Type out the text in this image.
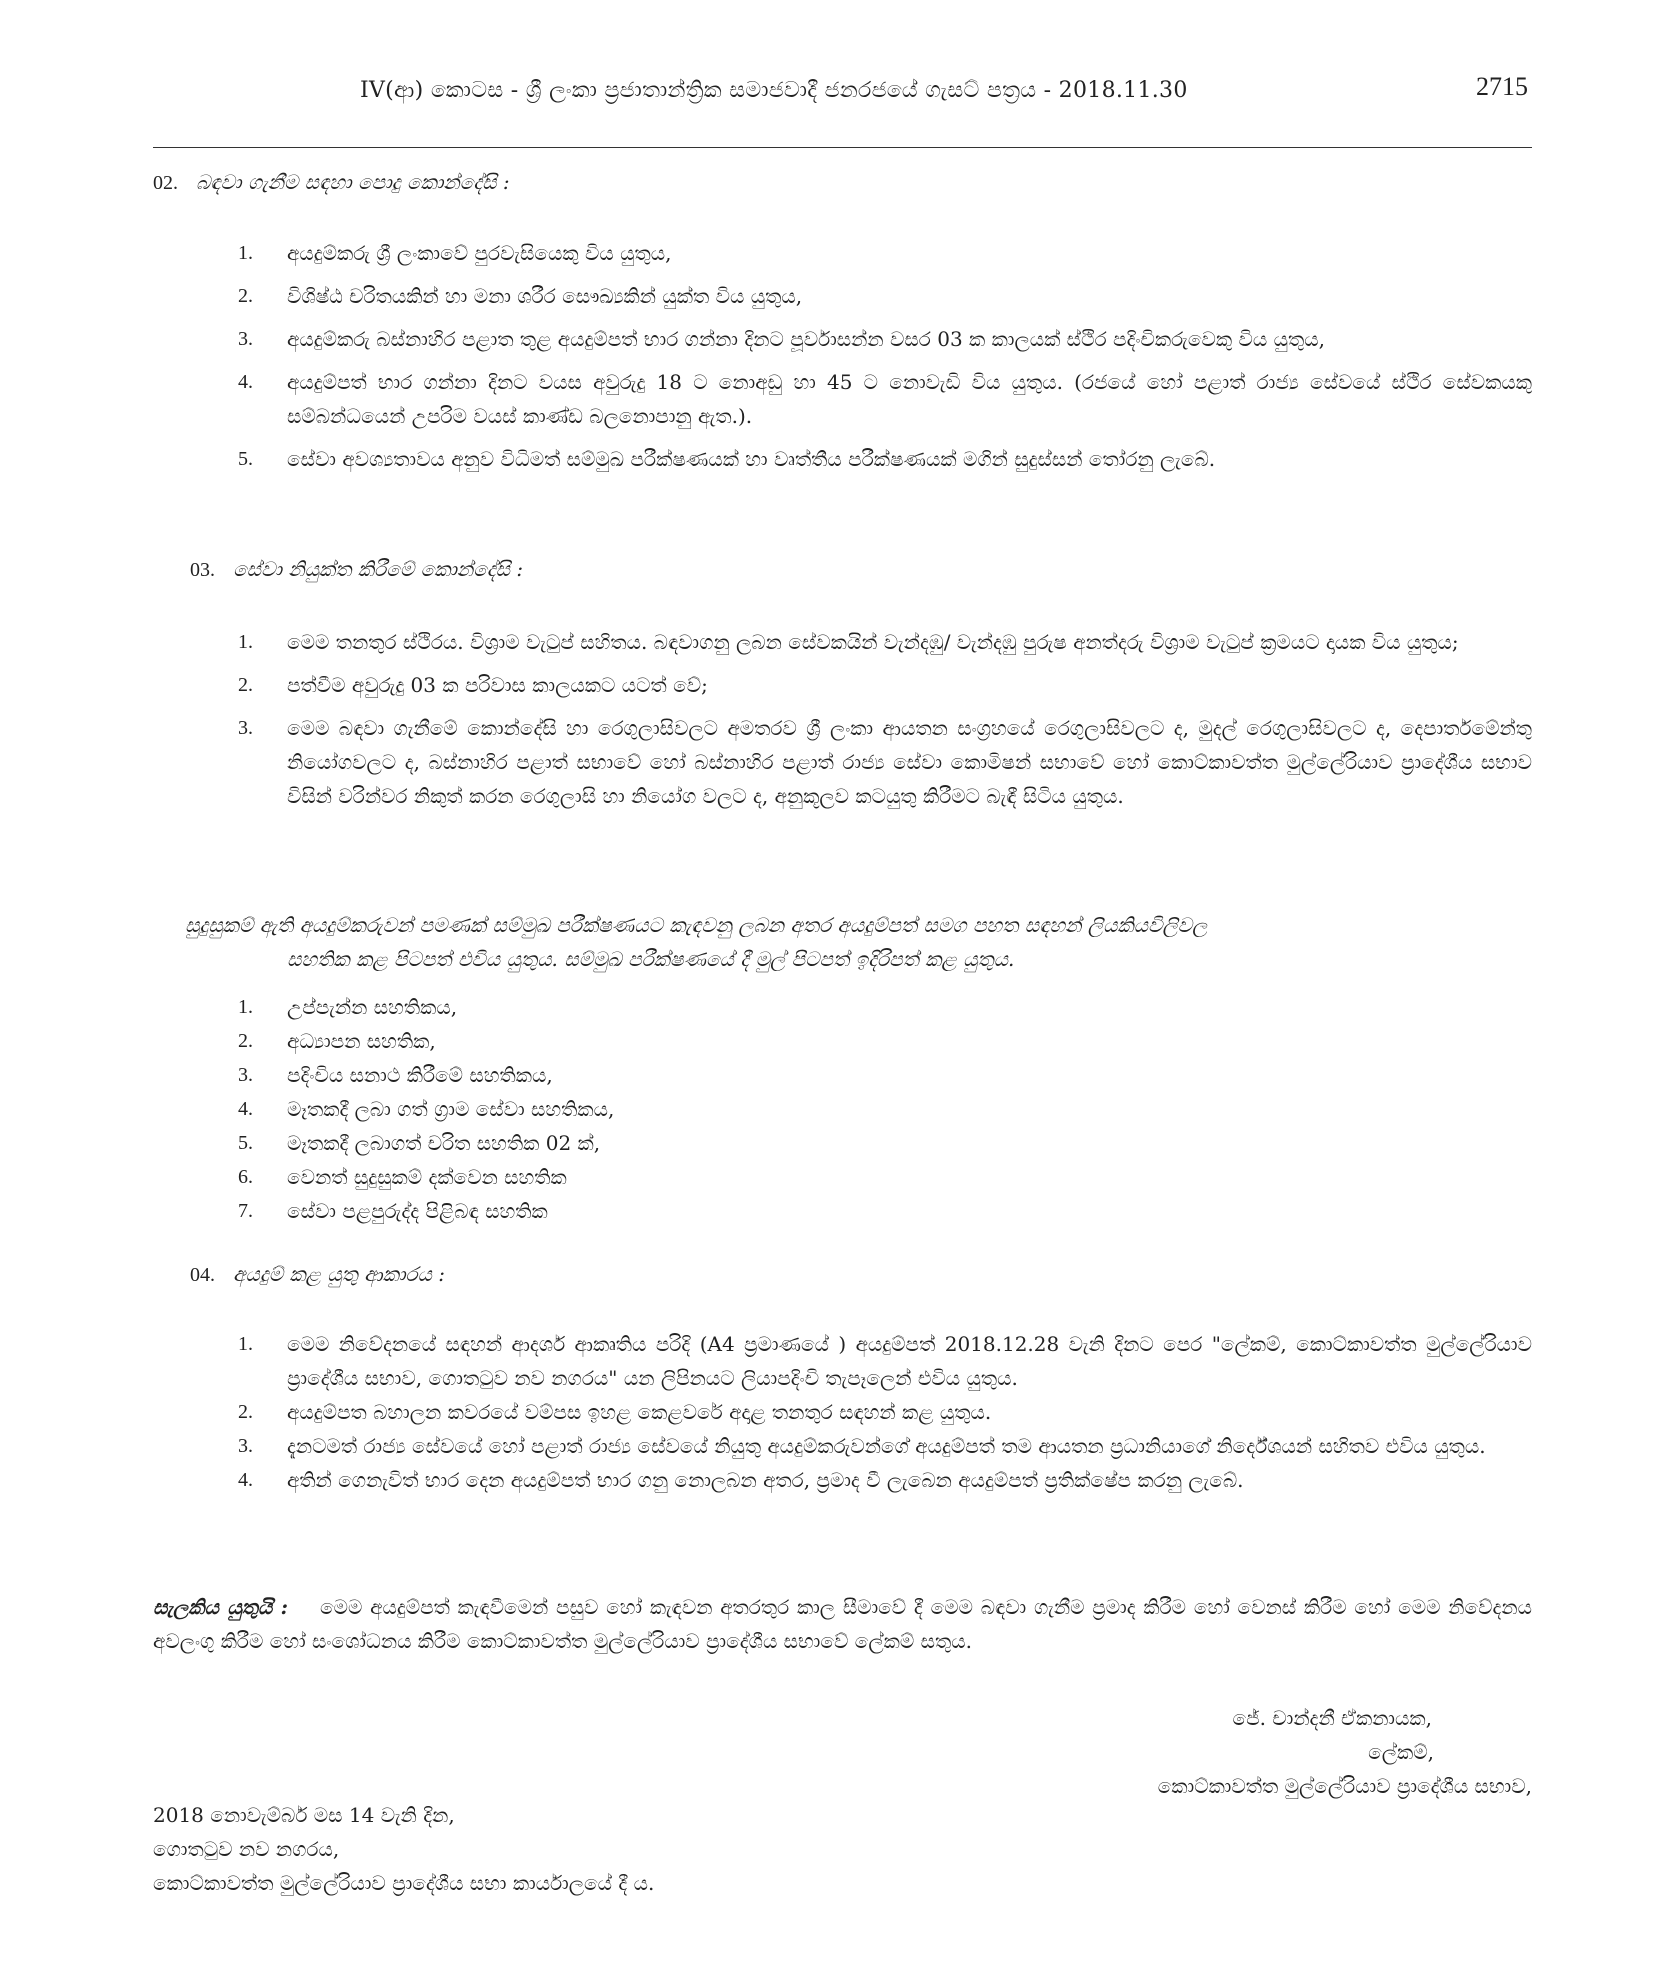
IV(ආ) කොටස - ශ්‍රී ලංකා ප්‍රජාතාන්ත්‍රික සමාජවාදී ජනරජයේ ගැසට් පත්‍රය - 2018.11.30	2715
02. බඳවා ගැනීම සඳහා පොදු කොන්දේසි :
1. අයදුම්කරු ශ්‍රී ලංකාවේ පුරවැසියෙකු විය යුතුය,
2. විශිෂ්ඨ චරිතයකින් හා මනා ශරීර සෞඛ්‍යකින් යුක්ත විය යුතුය,
3. අයදුම්කරු බස්නාහිර පළාත තුළ අයදුම්පත් භාර ගන්නා දිනට පූර්වාසන්න වසර 03 ක කාලයක් ස්ථිර පදිංචිකරුවෙකු විය යුතුය,
4. අයදුම්පත් භාර ගන්නා දිනට වයස අවුරුදු 18 ට නොඅඩු හා 45 ට නොවැඩි විය යුතුය. (රජයේ හෝ පළාත් රාජ්‍ය සේවයේ ස්ථිර සේවකයකු සම්බන්ධයෙන් උපරිම වයස් කාණ්ඩ බලනොපානු ඇත.).
5. සේවා අවශ්‍යතාවය අනුව විධිමත් සම්මුඛ පරීක්ෂණයක් හා වෘත්තීය පරීක්ෂණයක් මගින් සුදුස්සන් තෝරනු ලැබේ.
03. සේවා නියුක්ත කිරීමේ කොන්දේසි :
1. මෙම තනතුර ස්ථිරය. විශ්‍රාම වැටුප් සහිතය. බඳවාගනු ලබන සේවකයින් වැන්දඹු/ වැන්දඹු පුරුෂ අනත්දරු විශ්‍රාම වැටුප් ක්‍රමයට දායක විය යුතුය;
2. පත්වීම අවුරුදු 03 ක පරිවාස කාලයකට යටත් වේ;
3. මෙම බඳවා ගැනීමේ කොන්දේසි හා රෙගුලාසිවලට අමතරව ශ්‍රී ලංකා ආයතන සංග්‍රහයේ රෙගුලාසිවලට ද, මුදල් රෙගුලාසිවලට ද, දෙපාර්තමේන්තු නියෝගවලට ද, බස්නාහිර පළාත් සභාවේ හෝ බස්නාහිර පළාත් රාජ්‍ය සේවා කොමිෂන් සභාවේ හෝ කොට්කාවත්ත මුල්ලේරියාව ප්‍රාදේශීය සභාව විසින් වරින්වර නිකුත් කරන රෙගුලාසි හා නියෝග වලට ද, අනුකූලව කටයුතු කිරීමට බැඳී සිටිය යුතුය.
සුදුසුකම් ඇති අයදුම්කරුවන් පමණක් සම්මුඛ පරීක්ෂණයට කැඳවනු ලබන අතර අයදුම්පත් සමග පහත සඳහන් ලියකියවිලිවල
සහතික කළ පිටපත් එවිය යුතුය. සම්මුඛ පරීක්ෂණයේ දී මුල් පිටපත් ඉදිරිපත් කළ යුතුය.
1. උප්පැන්න සහතිකය,
2. අධ්‍යාපන සහතික,
3. පදිංචිය සනාථ කිරීමේ සහතිකය,
4. මෑතකදී ලබා ගත් ග්‍රාම සේවා සහතිකය,
5. මෑතකදී ලබාගත් චරිත සහතික 02 ක්,
6. වෙනත් සුදුසුකම් දක්වෙන සහතික
7. සේවා පළපුරුද්ද පිළිබඳ සහතික
04. අයදුම් කළ යුතු ආකාරය :
1. මෙම නිවේදනයේ සඳහන් ආදර්ශ ආකෘතිය පරිදි (A4 ප්‍රමාණයේ ) අයදුම්පත් 2018.12.28 වැනි දිනට පෙර "ලේකම්, කොට්කාවත්ත මුල්ලේරියාව ප්‍රාදේශීය සභාව, ගොතටුව නව නගරය" යන ලිපිනයට ලියාපදිංචි තැපෑලෙන් එවිය යුතුය.
2. අයදුම්පත බහාලන කවරයේ වම්පස ඉහළ කෙළවරේ අදාළ තනතුර සඳහන් කළ යුතුය.
3. දැනටමත් රාජ්‍ය සේවයේ හෝ පළාත් රාජ්‍ය සේවයේ නියුතු අයදුම්කරුවන්ගේ අයදුම්පත් තම ආයතන ප්‍රධානියාගේ නිර්දේශයන් සහිතව එවිය යුතුය.
4. අතින් ගෙනැවිත් භාර දෙන අයදුම්පත් භාර ගනු නොලබන අතර, ප්‍රමාද වී ලැබෙන අයදුම්පත් ප්‍රතික්ෂේප කරනු ලැබේ.
සැලකිය යුතුයි : මෙම අයදුම්පත් කැඳවීමෙන් පසුව හෝ කැඳවන අතරතුර කාල සීමාවේ දී මෙම බඳවා ගැනීම ප්‍රමාද කිරීම හෝ වෙනස් කිරීම හෝ මෙම නිවේදනය අවලංගු කිරීම හෝ සංශෝධනය කිරීම කොට්කාවත්ත මුල්ලේරියාව ප්‍රාදේශීය සභාවේ ලේකම් සතුය.
ජේ. චාන්දනී ඒකනායක,
ලේකම්,
කොට්කාවත්ත මුල්ලේරියාව ප්‍රාදේශීය සභාව,
2018 නොවැම්බර් මස 14 වැනි දින,
ගොතටුව නව නගරය,
කොට්කාවත්ත මුල්ලේරියාව ප්‍රාදේශීය සභා කාර්යාලයේ දී ය.
